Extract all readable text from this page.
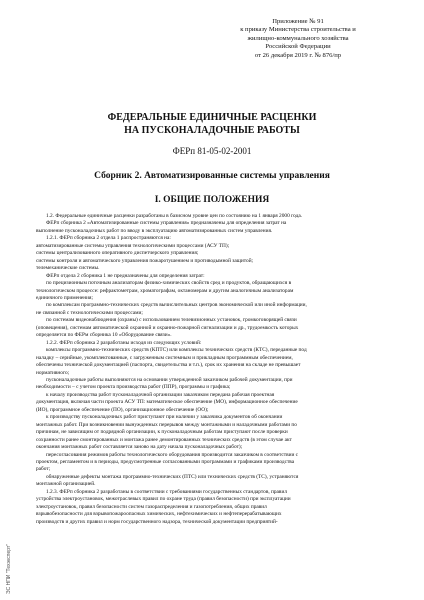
Приложение № 91
к приказу Министерства строительства и
жилищно-коммунального хозяйства
Российской Федерации
от 26 декабря 2019 г. № 876/пр
ФЕДЕРАЛЬНЫЕ ЕДИНИЧНЫЕ РАСЦЕНКИ
НА ПУСКОНАЛАДОЧНЫЕ РАБОТЫ
ФЕРп 81-05-02-2001
Сборник 2. Автоматизированные системы управления
I. ОБЩИЕ ПОЛОЖЕНИЯ

1.2. Федеральные единичные расценки разработаны в базисном уровне цен по состоянию на 1 января 2000 года.

ФЕРп сборника 2 «Автоматизированные системы управления» предназначены для определения затрат на

выполнение пусконаладочных работ по вводу в эксплуатацию автоматизированных систем управления.

1.2.1. ФЕРп сборника 2 отдела 1 распространяются на:

автоматизированные системы управления технологическими процессами (АСУ ТП);

системы централизованного оперативного диспетчерского управления;

системы контроля и автоматического управления пожаротушением и противодымной защитой;

телемеханические системы.

ФЕРп отдела 2 сборника 1 не предназначены для определения затрат:

по прецизионным поточным анализаторам физико-химических свойств сред и продуктов, обращающихся в

технологическом процессе: рефрактометрам, хроматографам, октаномерам и другим аналогичным анализаторам

единичного применения;

по комплексам программно-технических средств вычислительных центров экономической или иной информации,

не связанной с технологическими процессами;

по системам видеонаблюдения (охраны) с использованием телевизионных установок, громкоговорящей связи

(оповещения), системам автоматической охранной и охранно-пожарной сигнализации и др., трудоемкость которых

определяется по ФЕРм сборника 10 «Оборудование связи».

1.2.2. ФЕРп сборника 2 разработаны исходя из следующих условий:

комплексы программно-технических средств (КПТС) или комплексы технических средств (КТС), переданные под

наладку – серийные, укомплектованные, с загруженным системным и прикладным программным обеспечением,

обеспечены технической документацией (паспорта, свидетельства и т.п.), срок их хранения на складе не превышает

нормативного;

пусконаладочные работы выполняются на основании утвержденной заказчиком рабочей документации, при

необходимости – с учетом проекта производства работ (ППР), программы и графика;

к началу производства работ пусконаладочной организации заказчиком передана рабочая проектная

документация, включая части проекта АСУ ТП: математическое обеспечение (МО), информационное обеспечение

(ИО), программное обеспечение (ПО), организационное обеспечение (ОО);

к производству пусконаладочных работ приступают при наличии у заказчика документов об окончании

монтажных работ. При возникновении вынужденных перерывов между монтажными и наладочными работами по

причинам, не зависящим от подрядной организации, к пусконаладочным работам приступают после проверки

сохранности ранее смонтированных и монтажа ранее демонтированных технических средств (в этом случае акт

окончания монтажных работ составляется заново на дату начала пусконаладочных работ);

пересогласования режимов работы технологического оборудования производится заказчиком в соответствии с

проектом, регламентом и в периоды, предусмотренные согласованными программами и графиками производства

работ;

обнаруженные дефекты монтажа программно-технических (ПТС) или технических средств (ТС), устраняются

монтажной организацией.

1.2.3. ФЕРп сборника 2 разработаны в соответствии с требованиями государственных стандартов, правил

устройства электроустановок, межотраслевых правил по охране труда (правил безопасности) при эксплуатации

электроустановок, правил безопасности систем газораспределения и газопотребления, общих правил

взрывобезопасности для взрывопожароопасных химических, нефтехимических и нефтеперерабатывающих

производств и других правил и норм государственного надзора, технической документации предприятий-

ЭС НПИ "Техэксперт"
